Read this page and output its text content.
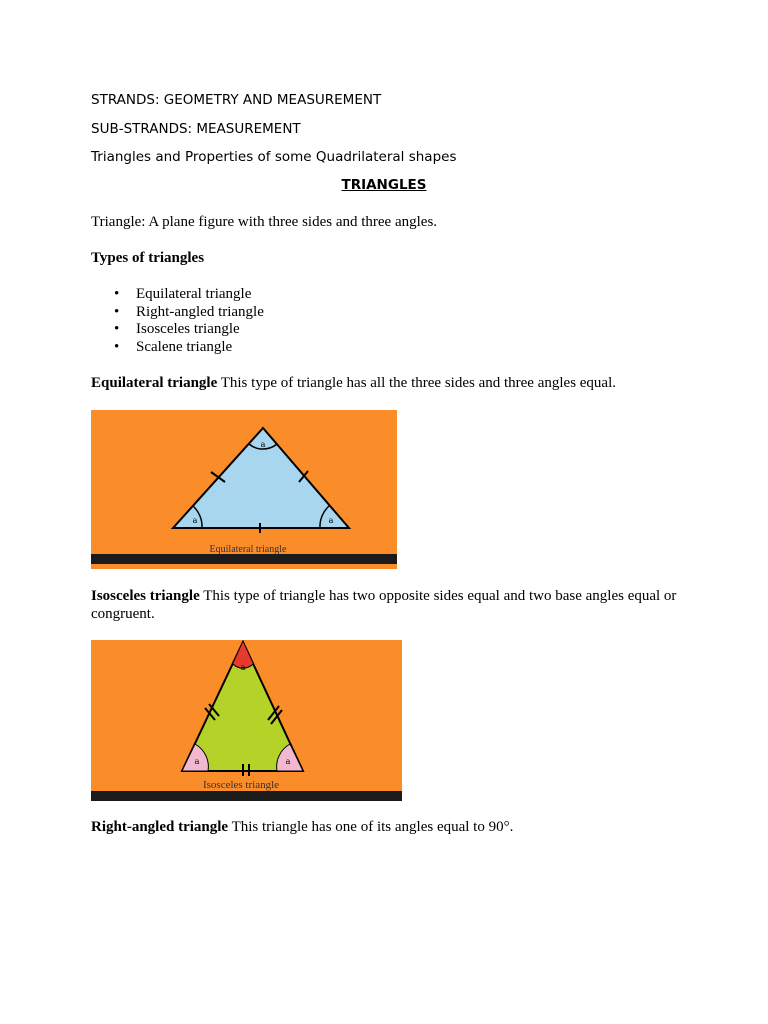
STRANDS: GEOMETRY AND MEASUREMENT
SUB-STRANDS: MEASUREMENT
Triangles and Properties of some Quadrilateral shapes
TRIANGLES
Triangle: A plane figure with three sides and three angles.
Types of triangles
• Equilateral triangle
• Right-angled triangle
• Isosceles triangle
• Scalene triangle
Equilateral triangle This type of triangle has all the three sides and three angles equal.
a
a	a
Equilateral triangle
Isosceles triangle This type of triangle has two opposite sides equal and two base angles equal or congruent.
a
a	a
Isosceles triangle
Right-angled triangle This triangle has one of its angles equal to 90°.
